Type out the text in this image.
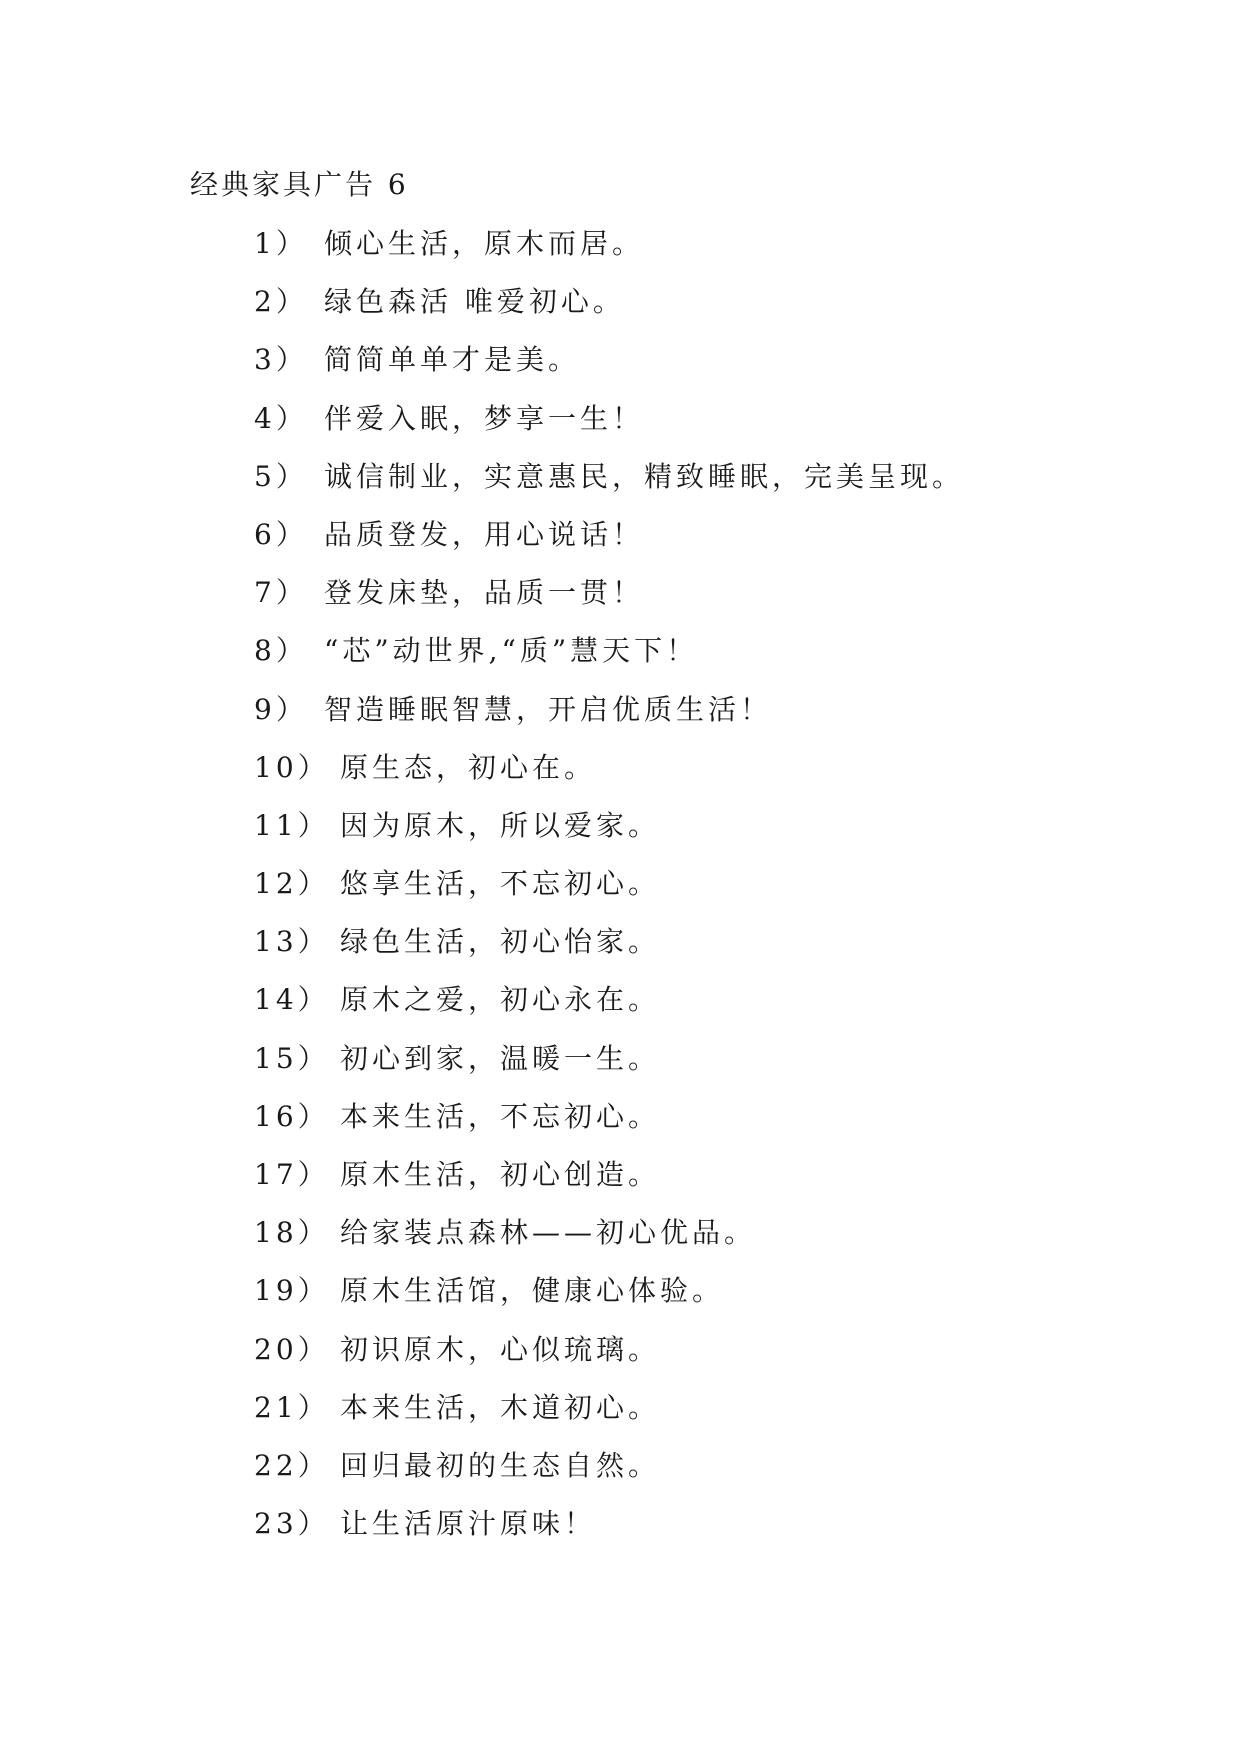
经典家具广告 6
1） 倾心生活，原木而居。
2） 绿色森活 唯爱初心。
3） 简简单单才是美。
4） 伴爱入眠，梦享一生！
5） 诚信制业，实意惠民，精致睡眠，完美呈现。
6） 品质登发，用心说话！
7） 登发床垫，品质一贯！
8） “芯”动世界,“质”慧天下！
9） 智造睡眠智慧，开启优质生活！
10） 原生态，初心在。
11） 因为原木，所以爱家。
12） 悠享生活，不忘初心。
13） 绿色生活，初心怡家。
14） 原木之爱，初心永在。
15） 初心到家，温暖一生。
16） 本来生活，不忘初心。
17） 原木生活，初心创造。
18） 给家装点森林——初心优品。
19） 原木生活馆，健康心体验。
20） 初识原木，心似琉璃。
21） 本来生活，木道初心。
22） 回归最初的生态自然。
23） 让生活原汁原味！
